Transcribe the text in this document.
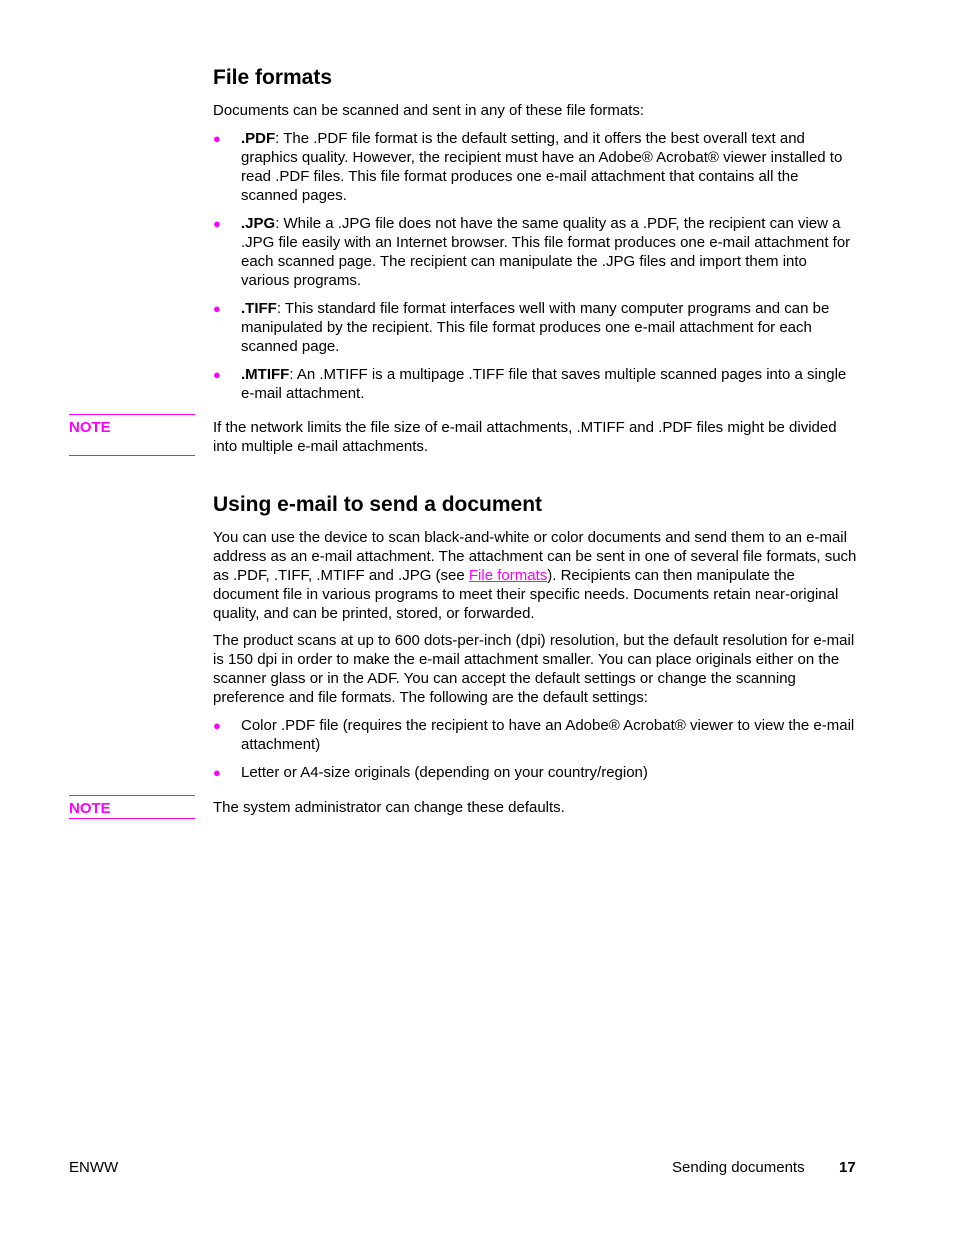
File formats

Documents can be scanned and sent in any of these file formats:

● .PDF: The .PDF file format is the default setting, and it offers the best overall text and graphics quality. However, the recipient must have an Adobe® Acrobat® viewer installed to read .PDF files. This file format produces one e-mail attachment that contains all the scanned pages.
● .JPG: While a .JPG file does not have the same quality as a .PDF, the recipient can view a .JPG file easily with an Internet browser. This file format produces one e-mail attachment for each scanned page. The recipient can manipulate the .JPG files and import them into various programs.
● .TIFF: This standard file format interfaces well with many computer programs and can be manipulated by the recipient. This file format produces one e-mail attachment for each scanned page.
● .MTIFF: An .MTIFF is a multipage .TIFF file that saves multiple scanned pages into a single e-mail attachment.
NOTE	If the network limits the file size of e-mail attachments, .MTIFF and .PDF files might be divided into multiple e-mail attachments.

Using e-mail to send a document

You can use the device to scan black-and-white or color documents and send them to an e-mail address as an e-mail attachment. The attachment can be sent in one of several file formats, such as .PDF, .TIFF, .MTIFF and .JPG (see File formats). Recipients can then manipulate the document file in various programs to meet their specific needs. Documents retain near-original quality, and can be printed, stored, or forwarded.

The product scans at up to 600 dots-per-inch (dpi) resolution, but the default resolution for e-mail is 150 dpi in order to make the e-mail attachment smaller. You can place originals either on the scanner glass or in the ADF. You can accept the default settings or change the scanning preference and file formats. The following are the default settings:

● Color .PDF file (requires the recipient to have an Adobe® Acrobat® viewer to view the e-mail attachment)
● Letter or A4-size originals (depending on your country/region)
NOTE	The system administrator can change these defaults.

ENWW	Sending documents 17
